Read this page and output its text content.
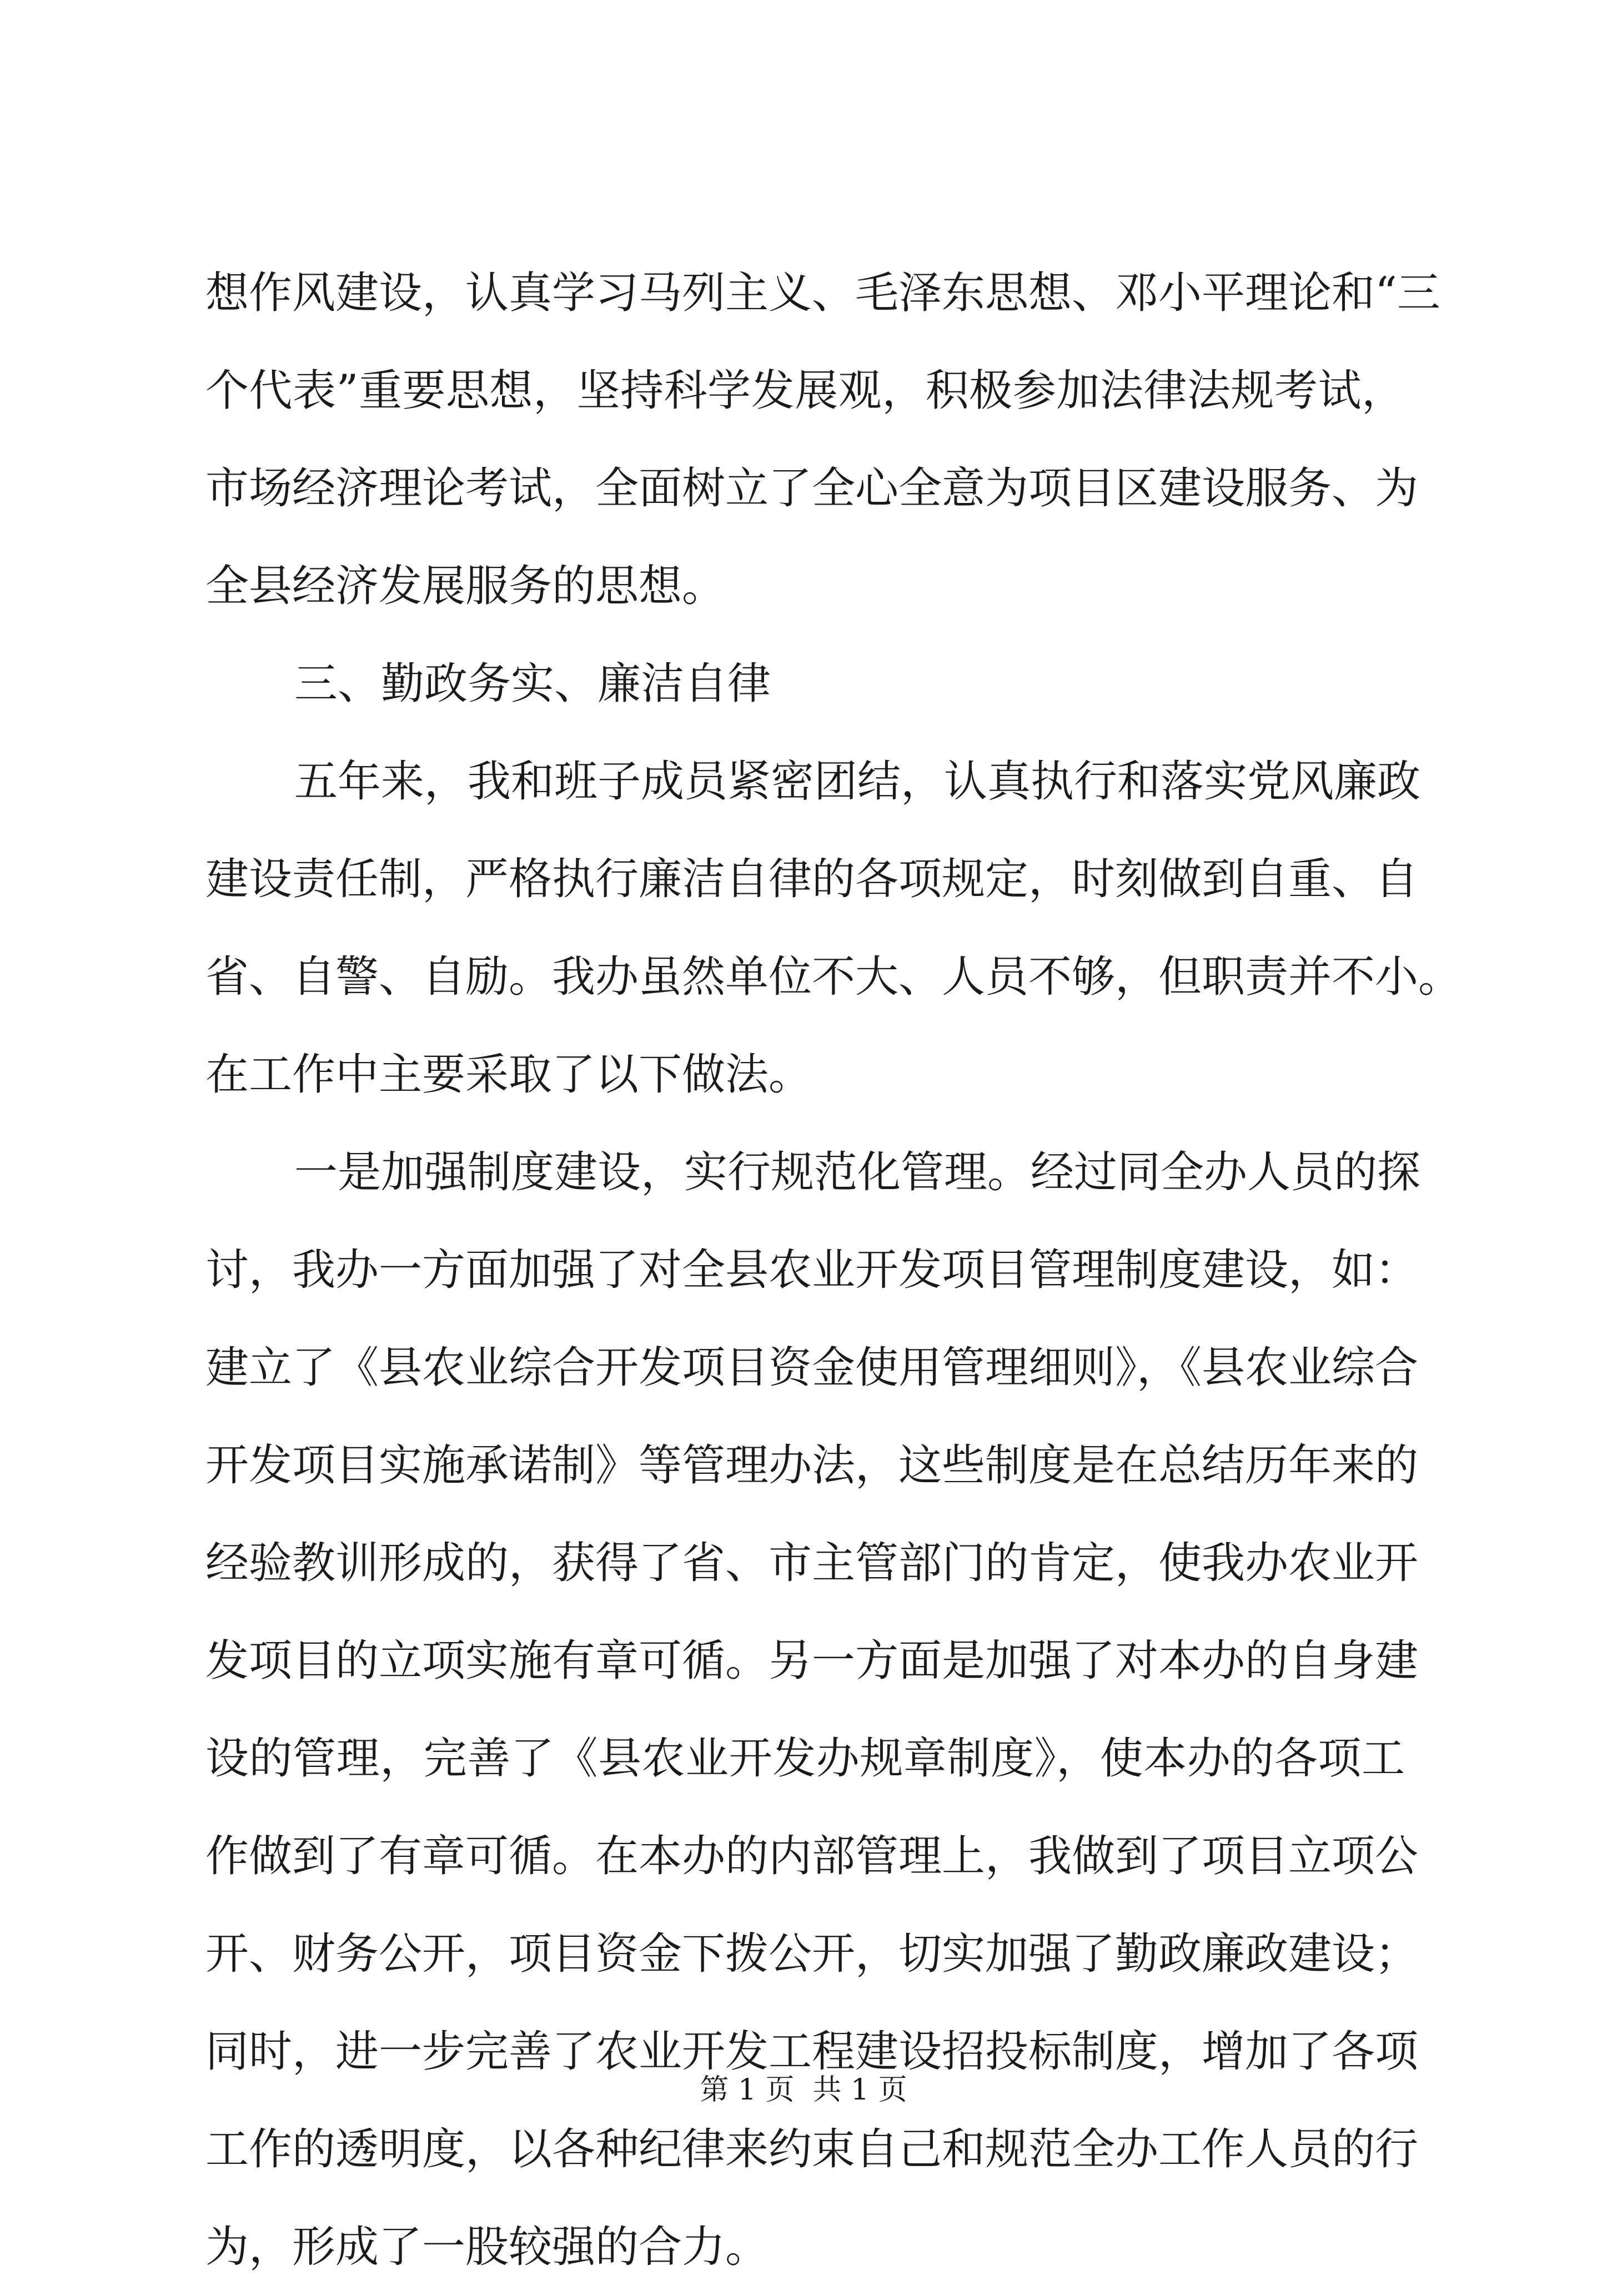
想作风建设，认真学习马列主义、毛泽东思想、邓小平理论和“三
个代表”重要思想，坚持科学发展观，积极参加法律法规考试，
市场经济理论考试，全面树立了全心全意为项目区建设服务、为
全县经济发展服务的思想。
三、勤政务实、廉洁自律
五年来，我和班子成员紧密团结，认真执行和落实党风廉政
建设责任制，严格执行廉洁自律的各项规定，时刻做到自重、自
省、自警、自励。我办虽然单位不大、人员不够，但职责并不小。
在工作中主要采取了以下做法。
一是加强制度建设，实行规范化管理。经过同全办人员的探
讨，我办一方面加强了对全县农业开发项目管理制度建设，如：
建立了《县农业综合开发项目资金使用管理细则》，《县农业综合
开发项目实施承诺制》等管理办法，这些制度是在总结历年来的
经验教训形成的，获得了省、市主管部门的肯定，使我办农业开
发项目的立项实施有章可循。另一方面是加强了对本办的自身建
设的管理，完善了《县农业开发办规章制度》，使本办的各项工
作做到了有章可循。在本办的内部管理上，我做到了项目立项公
开、财务公开，项目资金下拨公开，切实加强了勤政廉政建设；
同时，进一步完善了农业开发工程建设招投标制度，增加了各项
工作的透明度，以各种纪律来约束自己和规范全办工作人员的行
为，形成了一股较强的合力。
第 1 页  共 1 页
